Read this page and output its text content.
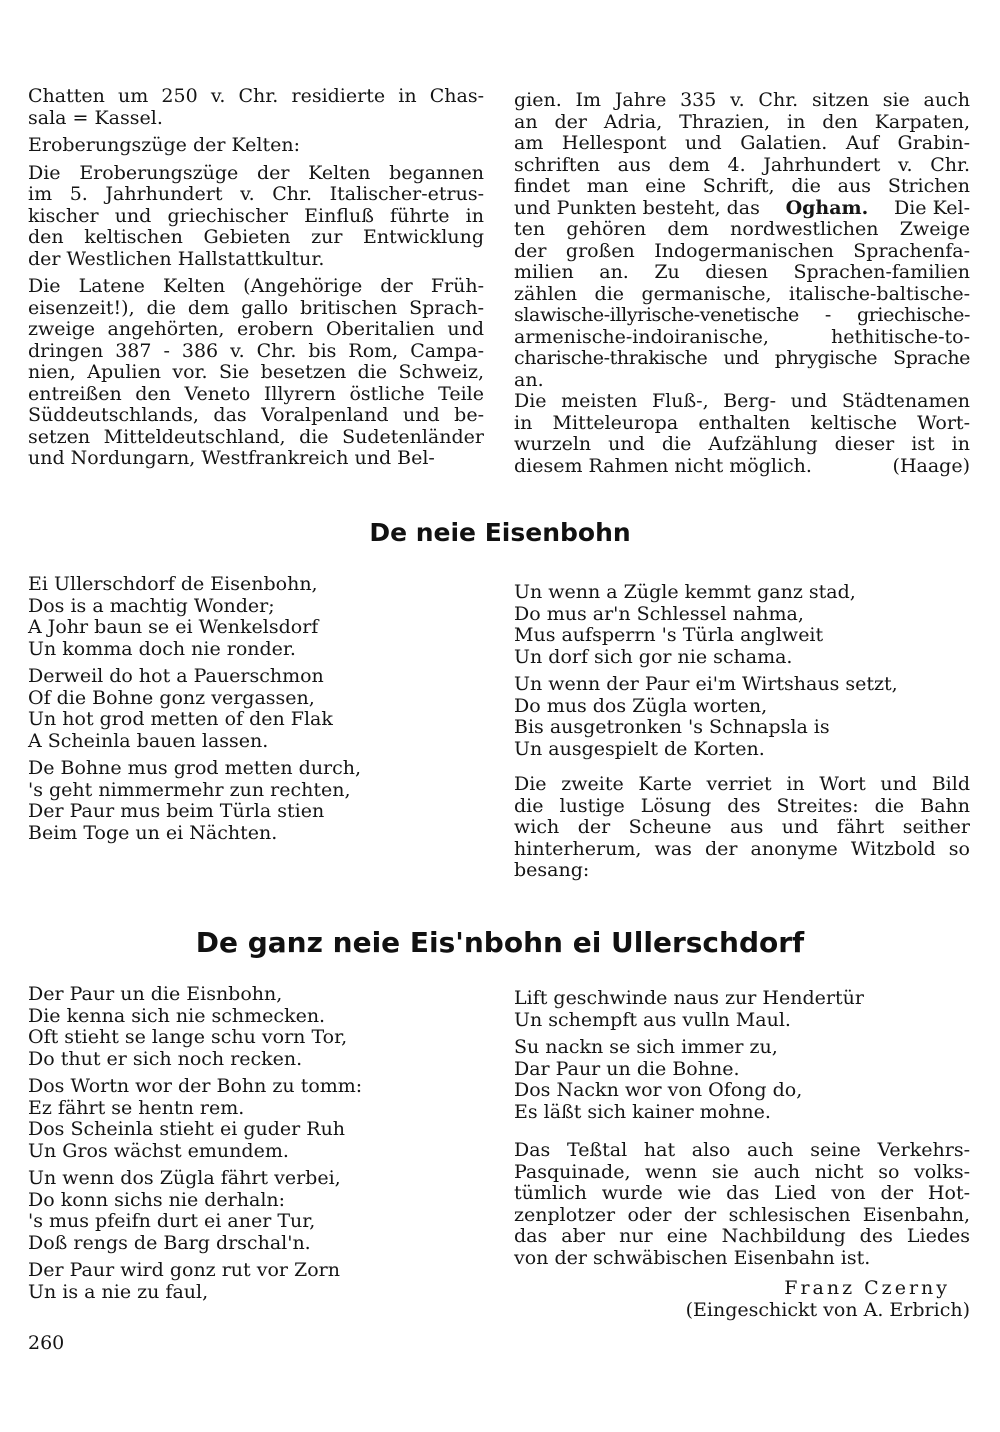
Chatten um 250 v. Chr. residierte in Chas-
sala = Kassel.
Eroberungszüge der Kelten:
Die Eroberungszüge der Kelten begannen
im 5. Jahrhundert v. Chr. Italischer-etrus-
kischer und griechischer Einfluß führte in
den keltischen Gebieten zur Entwicklung
der Westlichen Hallstattkultur.
Die Latene Kelten (Angehörige der Früh-
eisenzeit!), die dem gallo britischen Sprach-
zweige angehörten, erobern Oberitalien und
dringen 387 - 386 v. Chr. bis Rom, Campa-
nien, Apulien vor. Sie besetzen die Schweiz,
entreißen den Veneto Illyrern östliche Teile
Süddeutschlands, das Voralpenland und be-
setzen Mitteldeutschland, die Sudetenländer
und Nordungarn, Westfrankreich und Bel-
gien. Im Jahre 335 v. Chr. sitzen sie auch
an der Adria, Thrazien, in den Karpaten,
am Hellespont und Galatien. Auf Grabin-
schriften aus dem 4. Jahrhundert v. Chr.
findet man eine Schrift, die aus Strichen
und Punkten besteht, das Ogham. Die Kel-
ten gehören dem nordwestlichen Zweige
der großen Indogermanischen Sprachenfa-
milien an. Zu diesen Sprachen-familien
zählen die germanische, italische-baltische-
slawische-illyrische-venetische - griechische-
armenische-indoiranische, hethitische-to-
charische-thrakische und phrygische Sprache
an.
Die meisten Fluß-, Berg- und Städtenamen
in Mitteleuropa enthalten keltische Wort-
wurzeln und die Aufzählung dieser ist in
diesem Rahmen nicht möglich.	(Haage)
De neie Eisenbohn
Ei Ullerschdorf de Eisenbohn,
Dos is a machtig Wonder;
A Johr baun se ei Wenkelsdorf
Un komma doch nie ronder.
Derweil do hot a Pauerschmon
Of die Bohne gonz vergassen,
Un hot grod metten of den Flak
A Scheinla bauen lassen.
De Bohne mus grod metten durch,
's geht nimmermehr zun rechten,
Der Paur mus beim Türla stien
Beim Toge un ei Nächten.
Un wenn a Zügle kemmt ganz stad,
Do mus ar'n Schlessel nahma,
Mus aufsperrn 's Türla anglweit
Un dorf sich gor nie schama.
Un wenn der Paur ei'm Wirtshaus setzt,
Do mus dos Zügla worten,
Bis ausgetronken 's Schnapsla is
Un ausgespielt de Korten.
Die zweite Karte verriet in Wort und Bild
die lustige Lösung des Streites: die Bahn
wich der Scheune aus und fährt seither
hinterherum, was der anonyme Witzbold so
besang:
De ganz neie Eis'nbohn ei Ullerschdorf
Der Paur un die Eisnbohn,
Die kenna sich nie schmecken.
Oft stieht se lange schu vorn Tor,
Do thut er sich noch recken.
Dos Wortn wor der Bohn zu tomm:
Ez fährt se hentn rem.
Dos Scheinla stieht ei guder Ruh
Un Gros wächst emundem.
Un wenn dos Zügla fährt verbei,
Do konn sichs nie derhaln:
's mus pfeifn durt ei aner Tur,
Doß rengs de Barg drschal'n.
Der Paur wird gonz rut vor Zorn
Un is a nie zu faul,
Lift geschwinde naus zur Hendertür
Un schempft aus vulln Maul.
Su nackn se sich immer zu,
Dar Paur un die Bohne.
Dos Nackn wor von Ofong do,
Es läßt sich kainer mohne.
Das Teßtal hat also auch seine Verkehrs-
Pasquinade, wenn sie auch nicht so volks-
tümlich wurde wie das Lied von der Hot-
zenplotzer oder der schlesischen Eisenbahn,
das aber nur eine Nachbildung des Liedes
von der schwäbischen Eisenbahn ist.
Franz Czerny
(Eingeschickt von A. Erbrich)
260
